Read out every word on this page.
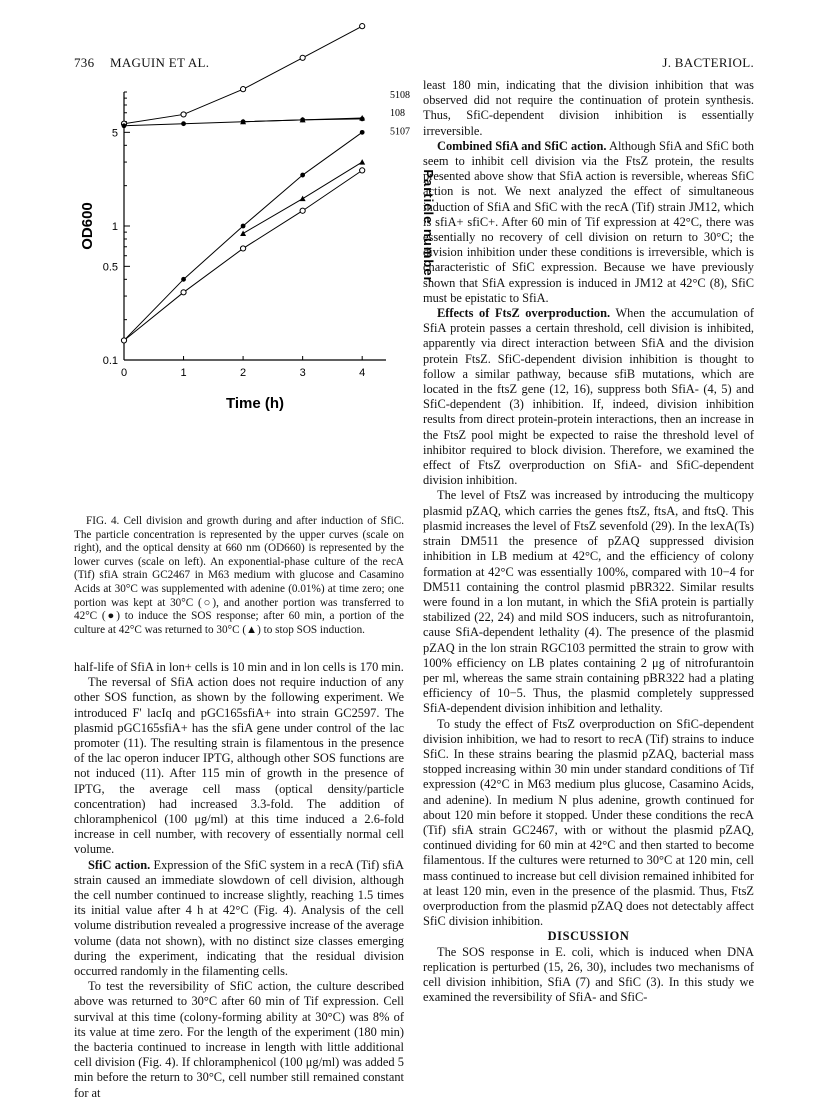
736 MAGUIN ET AL.	J. BACTERIOL.
0.1
0.5
1
5
0	1	2	3	4
Time (h)
OD600	Particle number
5108
108
5107
FIG. 4. Cell division and growth during and after induction of SfiC. The particle concentration is represented by the upper curves (scale on right), and the optical density at 660 nm (OD660) is represented by the lower curves (scale on left). An exponential-phase culture of the recA (Tif) sfiA strain GC2467 in M63 medium with glucose and Casamino Acids at 30°C was supplemented with adenine (0.01%) at time zero; one portion was kept at 30°C (○), and another portion was transferred to 42°C (●) to induce the SOS response; after 60 min, a portion of the culture at 42°C was returned to 30°C (▲) to stop SOS induction.

half-life of SfiA in lon+ cells is 10 min and in lon cells is 170 min.

The reversal of SfiA action does not require induction of any other SOS function, as shown by the following experiment. We introduced F' lacIq and pGC165sfiA+ into strain GC2597. The plasmid pGC165sfiA+ has the sfiA gene under control of the lac promoter (11). The resulting strain is filamentous in the presence of the lac operon inducer IPTG, although other SOS functions are not induced (11). After 115 min of growth in the presence of IPTG, the average cell mass (optical density/particle concentration) had increased 3.3-fold. The addition of chloramphenicol (100 μg/ml) at this time induced a 2.6-fold increase in cell number, with recovery of essentially normal cell volume.

SfiC action. Expression of the SfiC system in a recA (Tif) sfiA strain caused an immediate slowdown of cell division, although the cell number continued to increase slightly, reaching 1.5 times its initial value after 4 h at 42°C (Fig. 4). Analysis of the cell volume distribution revealed a progressive increase of the average volume (data not shown), with no distinct size classes emerging during the experiment, indicating that the residual division occurred randomly in the filamenting cells.

To test the reversibility of SfiC action, the culture described above was returned to 30°C after 60 min of Tif expression. Cell survival at this time (colony-forming ability at 30°C) was 8% of its value at time zero. For the length of the experiment (180 min) the bacteria continued to increase in length with little additional cell division (Fig. 4). If chloramphenicol (100 μg/ml) was added 5 min before the return to 30°C, cell number still remained constant for at

least 180 min, indicating that the division inhibition that was observed did not require the continuation of protein synthesis. Thus, SfiC-dependent division inhibition is essentially irreversible.

Combined SfiA and SfiC action. Although SfiA and SfiC both seem to inhibit cell division via the FtsZ protein, the results presented above show that SfiA action is reversible, whereas SfiC action is not. We next analyzed the effect of simultaneous induction of SfiA and SfiC with the recA (Tif) strain JM12, which is sfiA+ sfiC+. After 60 min of Tif expression at 42°C, there was essentially no recovery of cell division on return to 30°C; the division inhibition under these conditions is irreversible, which is characteristic of SfiC expression. Because we have previously shown that SfiA expression is induced in JM12 at 42°C (8), SfiC must be epistatic to SfiA.

Effects of FtsZ overproduction. When the accumulation of SfiA protein passes a certain threshold, cell division is inhibited, apparently via direct interaction between SfiA and the division protein FtsZ. SfiC-dependent division inhibition is thought to follow a similar pathway, because sfiB mutations, which are located in the ftsZ gene (12, 16), suppress both SfiA- (4, 5) and SfiC-dependent (3) inhibition. If, indeed, division inhibition results from direct protein-protein interactions, then an increase in the FtsZ pool might be expected to raise the threshold level of inhibitor required to block division. Therefore, we examined the effect of FtsZ overproduction on SfiA- and SfiC-dependent division inhibition.

The level of FtsZ was increased by introducing the multicopy plasmid pZAQ, which carries the genes ftsZ, ftsA, and ftsQ. This plasmid increases the level of FtsZ sevenfold (29). In the lexA(Ts) strain DM511 the presence of pZAQ suppressed division inhibition in LB medium at 42°C, and the efficiency of colony formation at 42°C was essentially 100%, compared with 10−4 for DM511 containing the control plasmid pBR322. Similar results were found in a lon mutant, in which the SfiA protein is partially stabilized (22, 24) and mild SOS inducers, such as nitrofurantoin, cause SfiA-dependent lethality (4). The presence of the plasmid pZAQ in the lon strain RGC103 permitted the strain to grow with 100% efficiency on LB plates containing 2 μg of nitrofurantoin per ml, whereas the same strain containing pBR322 had a plating efficiency of 10−5. Thus, the plasmid completely suppressed SfiA-dependent division inhibition and lethality.

To study the effect of FtsZ overproduction on SfiC-dependent division inhibition, we had to resort to recA (Tif) strains to induce SfiC. In these strains bearing the plasmid pZAQ, bacterial mass stopped increasing within 30 min under standard conditions of Tif expression (42°C in M63 medium plus glucose, Casamino Acids, and adenine). In medium N plus adenine, growth continued for about 120 min before it stopped. Under these conditions the recA (Tif) sfiA strain GC2467, with or without the plasmid pZAQ, continued dividing for 60 min at 42°C and then started to become filamentous. If the cultures were returned to 30°C at 120 min, cell mass continued to increase but cell division remained inhibited for at least 120 min, even in the presence of the plasmid. Thus, FtsZ overproduction from the plasmid pZAQ does not detectably affect SfiC division inhibition.

DISCUSSION

The SOS response in E. coli, which is induced when DNA replication is perturbed (15, 26, 30), includes two mechanisms of cell division inhibition, SfiA (7) and SfiC (3). In this study we examined the reversibility of SfiA- and SfiC-
